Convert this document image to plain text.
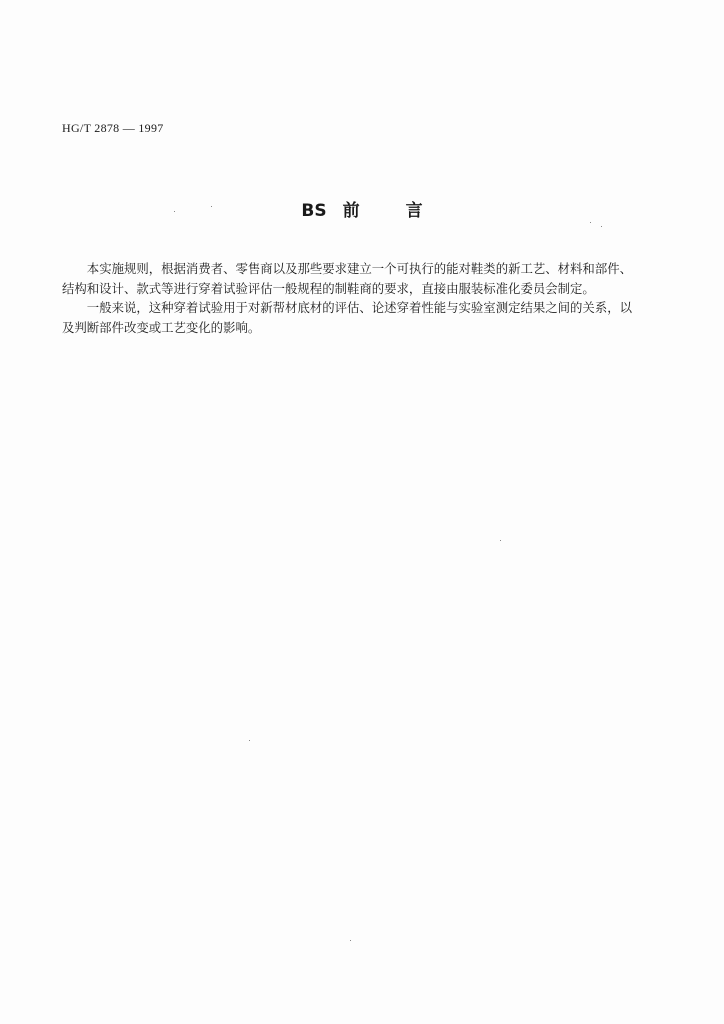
HG/T 2878 — 1997
BS 前	言

本实施规则，根据消费者、零售商以及那些要求建立一个可执行的能对鞋类的新工艺、材料和部件、结构和设计、款式等进行穿着试验评估一般规程的制鞋商的要求，直接由服装标准化委员会制定。

一般来说，这种穿着试验用于对新帮材底材的评估、论述穿着性能与实验室测定结果之间的关系，以及判断部件改变或工艺变化的影响。
